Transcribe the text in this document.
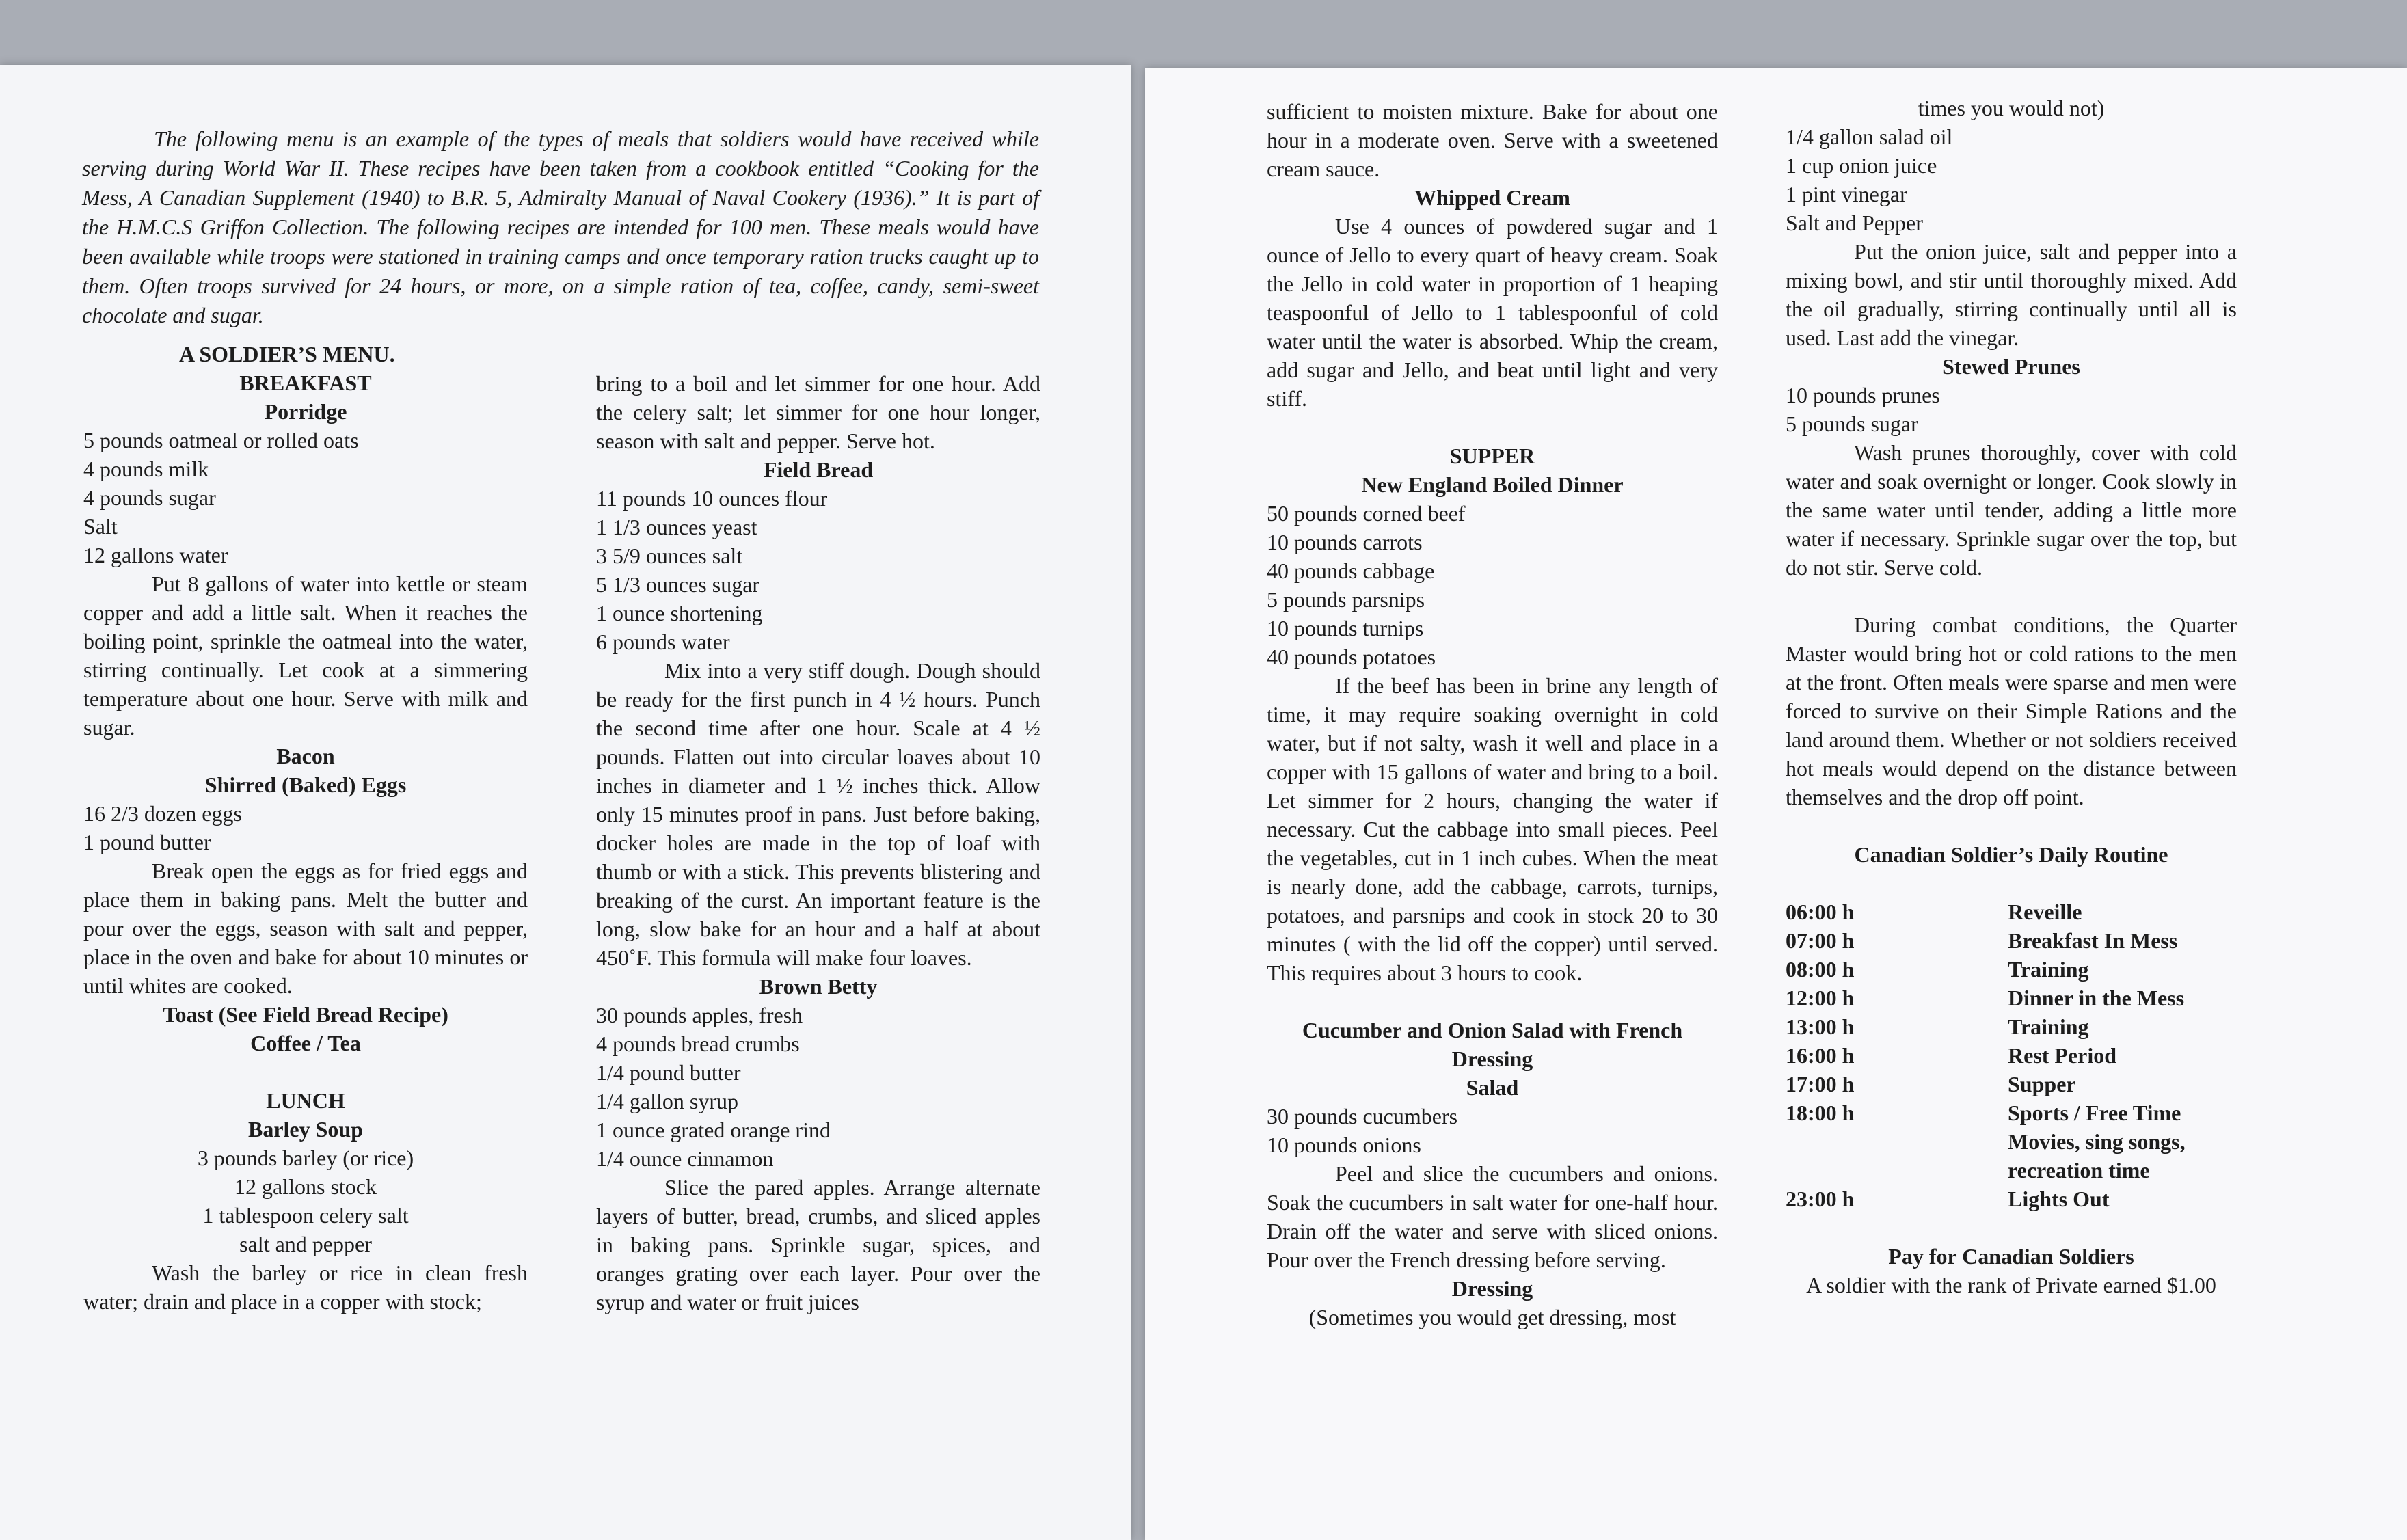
The following menu is an example of the types of meals that soldiers would have received while serving during World War II. These recipes have been taken from a cookbook entitled “Cooking for the Mess, A Canadian Supplement (1940) to B.R. 5, Admiralty Manual of Naval Cookery (1936).” It is part of the H.M.C.S Griffon Collection. The following recipes are intended for 100 men. These meals would have been available while troops were stationed in training camps and once temporary ration trucks caught up to them. Often troops survived for 24 hours, or more, on a simple ration of tea, coffee, candy, semi-sweet chocolate and sugar.

A SOLDIER’S MENU.

BREAKFAST

Porridge

5 pounds oatmeal or rolled oats

4 pounds milk

4 pounds sugar

Salt

12 gallons water

Put 8 gallons of water into kettle or steam copper and add a little salt. When it reaches the boiling point, sprinkle the oatmeal into the water, stirring continually. Let cook at a simmering temperature about one hour. Serve with milk and sugar.

Bacon

Shirred (Baked) Eggs

16 2/3 dozen eggs

1 pound butter

Break open the eggs as for fried eggs and place them in baking pans. Melt the butter and pour over the eggs, season with salt and pepper, place in the oven and bake for about 10 minutes or until whites are cooked.

Toast (See Field Bread Recipe)

Coffee / Tea

LUNCH

Barley Soup

3 pounds barley (or rice)

12 gallons stock

1 tablespoon celery salt

salt and pepper

Wash the barley or rice in clean fresh water; drain and place in a copper with stock;

bring to a boil and let simmer for one hour. Add the celery salt; let simmer for one hour longer, season with salt and pepper. Serve hot.

Field Bread

11 pounds 10 ounces flour

1 1/3 ounces yeast

3 5/9 ounces salt

5 1/3 ounces sugar

1 ounce shortening

6 pounds water

Mix into a very stiff dough. Dough should be ready for the first punch in 4 ½ hours. Punch the second time after one hour. Scale at 4 ½ pounds. Flatten out into circular loaves about 10 inches in diameter and 1 ½ inches thick. Allow only 15 minutes proof in pans. Just before baking, docker holes are made in the top of loaf with thumb or with a stick. This prevents blistering and breaking of the curst. An important feature is the long, slow bake for an hour and a half at about 450˚F. This formula will make four loaves.

Brown Betty

30 pounds apples, fresh

4 pounds bread crumbs

1/4 pound butter

1/4 gallon syrup

1 ounce grated orange rind

1/4 ounce cinnamon

Slice the pared apples. Arrange alternate layers of butter, bread, crumbs, and sliced apples in baking pans. Sprinkle sugar, spices, and oranges grating over each layer. Pour over the syrup and water or fruit juices

sufficient to moisten mixture. Bake for about one hour in a moderate oven. Serve with a sweetened cream sauce.

Whipped Cream

Use 4 ounces of powdered sugar and 1 ounce of Jello to every quart of heavy cream. Soak the Jello in cold water in proportion of 1 heaping teaspoonful of Jello to 1 tablespoonful of cold water until the water is absorbed. Whip the cream, add sugar and Jello, and beat until light and very stiff.

SUPPER

New England Boiled Dinner

50 pounds corned beef

10 pounds carrots

40 pounds cabbage

5 pounds parsnips

10 pounds turnips

40 pounds potatoes

If the beef has been in brine any length of time, it may require soaking overnight in cold water, but if not salty, wash it well and place in a copper with 15 gallons of water and bring to a boil. Let simmer for 2 hours, changing the water if necessary. Cut the cabbage into small pieces. Peel the vegetables, cut in 1 inch cubes. When the meat is nearly done, add the cabbage, carrots, turnips, potatoes, and parsnips and cook in stock 20 to 30 minutes ( with the lid off the copper) until served. This requires about 3 hours to cook.

Cucumber and Onion Salad with French

Dressing

Salad

30 pounds cucumbers

10 pounds onions

Peel and slice the cucumbers and onions. Soak the cucumbers in salt water for one-half hour. Drain off the water and serve with sliced onions. Pour over the French dressing before serving.

Dressing

(Sometimes you would get dressing, most

times you would not)

1/4 gallon salad oil

1 cup onion juice

1 pint vinegar

Salt and Pepper

Put the onion juice, salt and pepper into a mixing bowl, and stir until thoroughly mixed. Add the oil gradually, stirring continually until all is used. Last add the vinegar.

Stewed Prunes

10 pounds prunes

5 pounds sugar

Wash prunes thoroughly, cover with cold water and soak overnight or longer. Cook slowly in the same water until tender, adding a little more water if necessary. Sprinkle sugar over the top, but do not stir. Serve cold.

During combat conditions, the Quarter Master would bring hot or cold rations to the men at the front. Often meals were sparse and men were forced to survive on their Simple Rations and the land around them. Whether or not soldiers received hot meals would depend on the distance between themselves and the drop off point.

Canadian Soldier’s Daily Routine

06:00 h	Reveille
07:00 h	Breakfast In Mess
08:00 h	Training
12:00 h	Dinner in the Mess
13:00 h	Training
16:00 h	Rest Period
17:00 h	Supper
18:00 h	Sports / Free Time Movies, sing songs, recreation time
23:00 h	Lights Out

Pay for Canadian Soldiers

A soldier with the rank of Private earned $1.00
